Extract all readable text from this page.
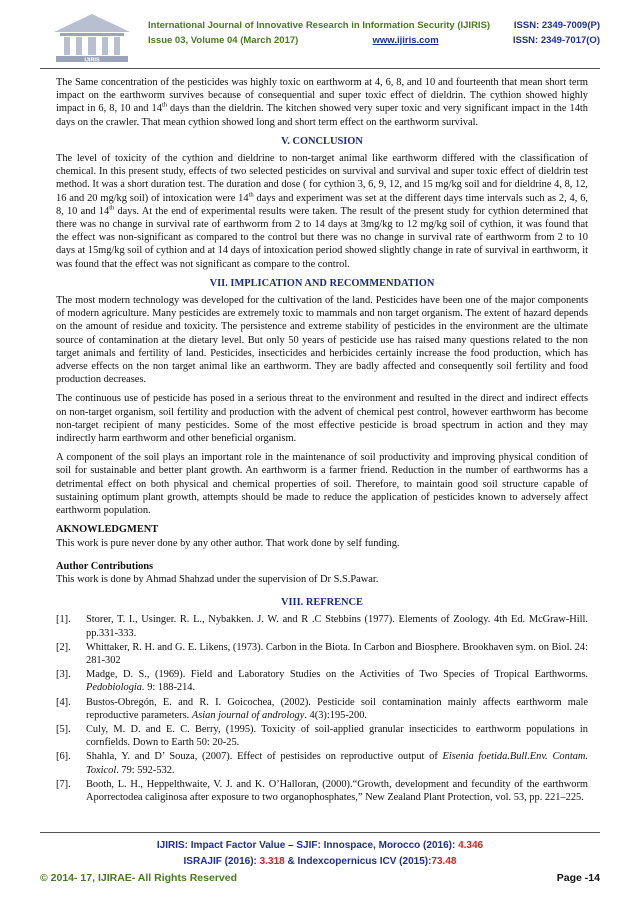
IJIRIS
International Journal of Innovative Research in Information Security (IJIRIS)	ISSN: 2349-7009(P)
Issue 03, Volume 04 (March 2017)	www.ijiris.com	ISSN: 2349-7017(O)

The Same concentration of the pesticides was highly toxic on earthworm at 4, 6, 8, and 10 and fourteenth that mean short term impact on the earthworm survives because of consequential and super toxic effect of dieldrin. The cythion showed highly impact in 6, 8, 10 and 14th days than the dieldrin. The kitchen showed very super toxic and very significant impact in the 14th days on the crawler. That mean cythion showed long and short term effect on the earthworm survival.

V. CONCLUSION

The level of toxicity of the cythion and dieldrine to non-target animal like earthworm differed with the classification of chemical. In this present study, effects of two selected pesticides on survival and survival and super toxic effect of dieldrin test method. It was a short duration test. The duration and dose ( for cythion 3, 6, 9, 12, and 15 mg/kg soil and for dieldrine 4, 8, 12, 16 and 20 mg/kg soil) of intoxication were 14th days and experiment was set at the different days time intervals such as 2, 4, 6, 8, 10 and 14th days. At the end of experimental results were taken. The result of the present study for cythion determined that there was no change in survival rate of earthworm from 2 to 14 days at 3mg/kg to 12 mg/kg soil of cythion, it was found that the effect was non-significant as compared to the control but there was no change in survival rate of earthworm from 2 to 10 days at 15mg/kg soil of cythion and at 14 days of intoxication period showed slightly change in rate of survival in earthworm, it was found that the effect was not significant as compare to the control.

VII. IMPLICATION AND RECOMMENDATION

The most modern technology was developed for the cultivation of the land. Pesticides have been one of the major components of modern agriculture. Many pesticides are extremely toxic to mammals and non target organism. The extent of hazard depends on the amount of residue and toxicity. The persistence and extreme stability of pesticides in the environment are the ultimate source of contamination at the dietary level. But only 50 years of pesticide use has raised many questions related to the non target animals and fertility of land. Pesticides, insecticides and herbicides certainly increase the food production, which has adverse effects on the non target animal like an earthworm. They are badly affected and consequently soil fertility and food production decreases.

The continuous use of pesticide has posed in a serious threat to the environment and resulted in the direct and indirect effects on non-target organism, soil fertility and production with the advent of chemical pest control, however earthworm has become non-target recipient of many pesticides. Some of the most effective pesticide is broad spectrum in action and they may indirectly harm earthworm and other beneficial organism.

A component of the soil plays an important role in the maintenance of soil productivity and improving physical condition of soil for sustainable and better plant growth. An earthworm is a farmer friend. Reduction in the number of earthworms has a detrimental effect on both physical and chemical properties of soil. Therefore, to maintain good soil structure capable of sustaining optimum plant growth, attempts should be made to reduce the application of pesticides known to adversely affect earthworm population.

AKNOWLEDGMENT
This work is pure never done by any other author. That work done by self funding.
Author Contributions
This work is done by Ahmad Shahzad under the supervision of Dr S.S.Pawar.
VIII. REFRENCE
[1].	Storer, T. I., Usinger. R. L., Nybakken. J. W. and R .C Stebbins (1977). Elements of Zoology. 4th Ed. McGraw-Hill. pp.331-333.
[2].	Whittaker, R. H. and G. E. Likens, (1973). Carbon in the Biota. In Carbon and Biosphere. Brookhaven sym. on Biol. 24: 281-302
[3].	Madge, D. S., (1969). Field and Laboratory Studies on the Activities of Two Species of Tropical Earthworms. Pedobiologia. 9: 188-214.
[4].	Bustos-Obregón, E. and R. I. Goicochea, (2002). Pesticide soil contamination mainly affects earthworm male reproductive parameters. Asian journal of andrology. 4(3):195-200.
[5].	Culy, M. D. and E. C. Berry, (1995). Toxicity of soil-applied granular insecticides to earthworm populations in cornfields. Down to Earth 50: 20-25.
[6].	Shahla, Y. and D’ Souza, (2007). Effect of pestisides on reproductive output of Eisenia foetida.Bull.Env. Contam. Toxicol. 79: 592-532.
[7].	Booth, L. H., Heppelthwaite, V. J. and K. O’Halloran, (2000).“Growth, development and fecundity of the earthworm Aporrectodea caliginosa after exposure to two organophosphates,” New Zealand Plant Protection, vol. 53, pp. 221–225.
IJIRIS: Impact Factor Value – SJIF: Innospace, Morocco (2016): 4.346
ISRAJIF (2016): 3.318 & Indexcopernicus ICV (2015):73.48
© 2014- 17, IJIRAE- All Rights Reserved	Page -14
